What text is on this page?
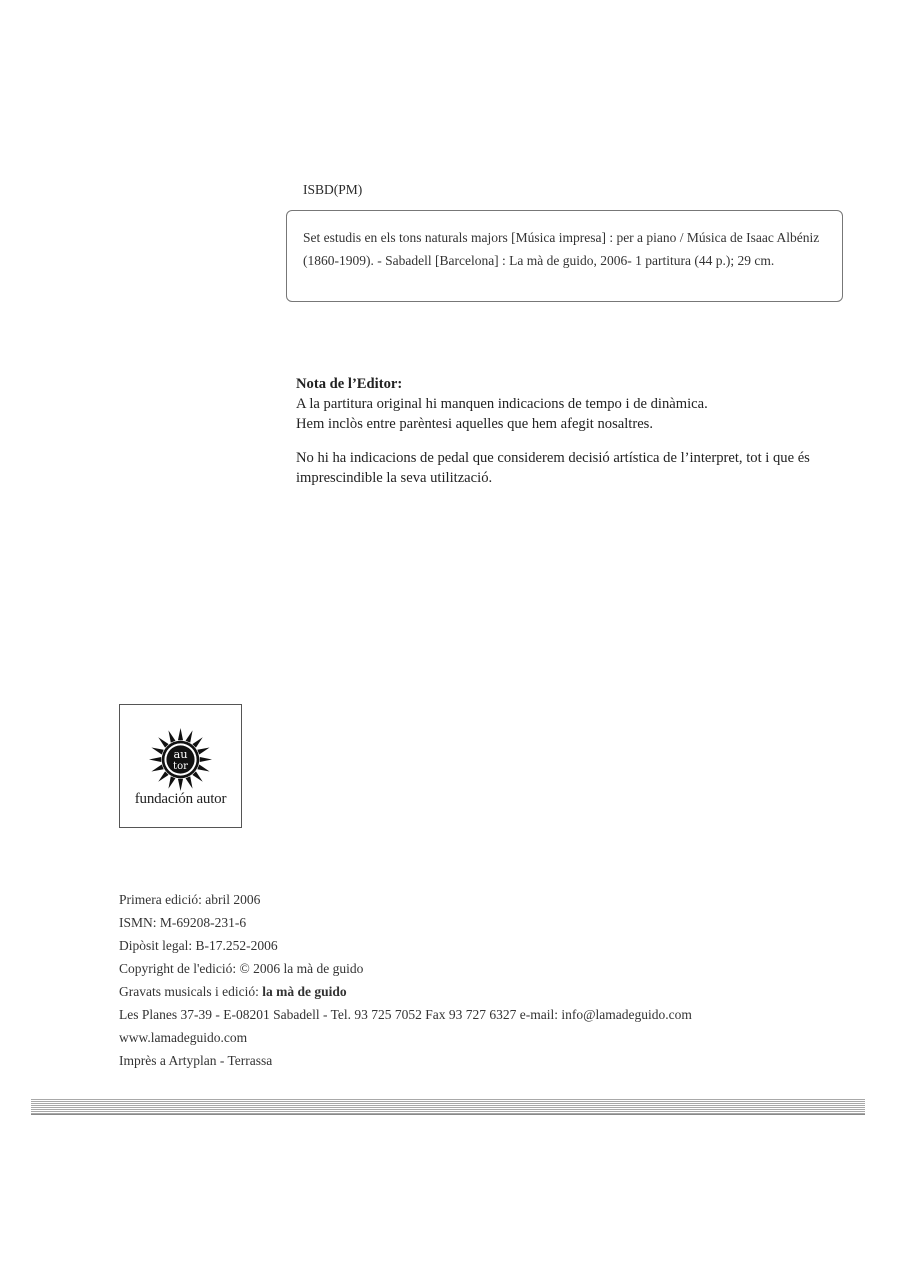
ISBD(PM)
Set estudis en els tons naturals majors [Música impresa] : per a piano / Música de Isaac Albéniz (1860-1909). - Sabadell [Barcelona] : La mà de guido, 2006- 1 partitura (44 p.); 29 cm.
Nota de l’Editor:
A la partitura original hi manquen indicacions de tempo i de dinàmica.
Hem inclòs entre parèntesi aquelles que hem afegit nosaltres.
No hi ha indicacions de pedal que considerem decisió artística de l’interpret, tot i que és imprescindible la seva utilització.
au
tor
fundación autor
Primera edició: abril 2006
ISMN: M-69208-231-6
Dipòsit legal: B-17.252-2006
Copyright de l'edició: © 2006 la mà de guido
Gravats musicals i edició: la mà de guido
Les Planes 37-39 - E-08201 Sabadell - Tel. 93 725 7052 Fax 93 727 6327 e-mail: info@lamadeguido.com
www.lamadeguido.com
Imprès a Artyplan - Terrassa
